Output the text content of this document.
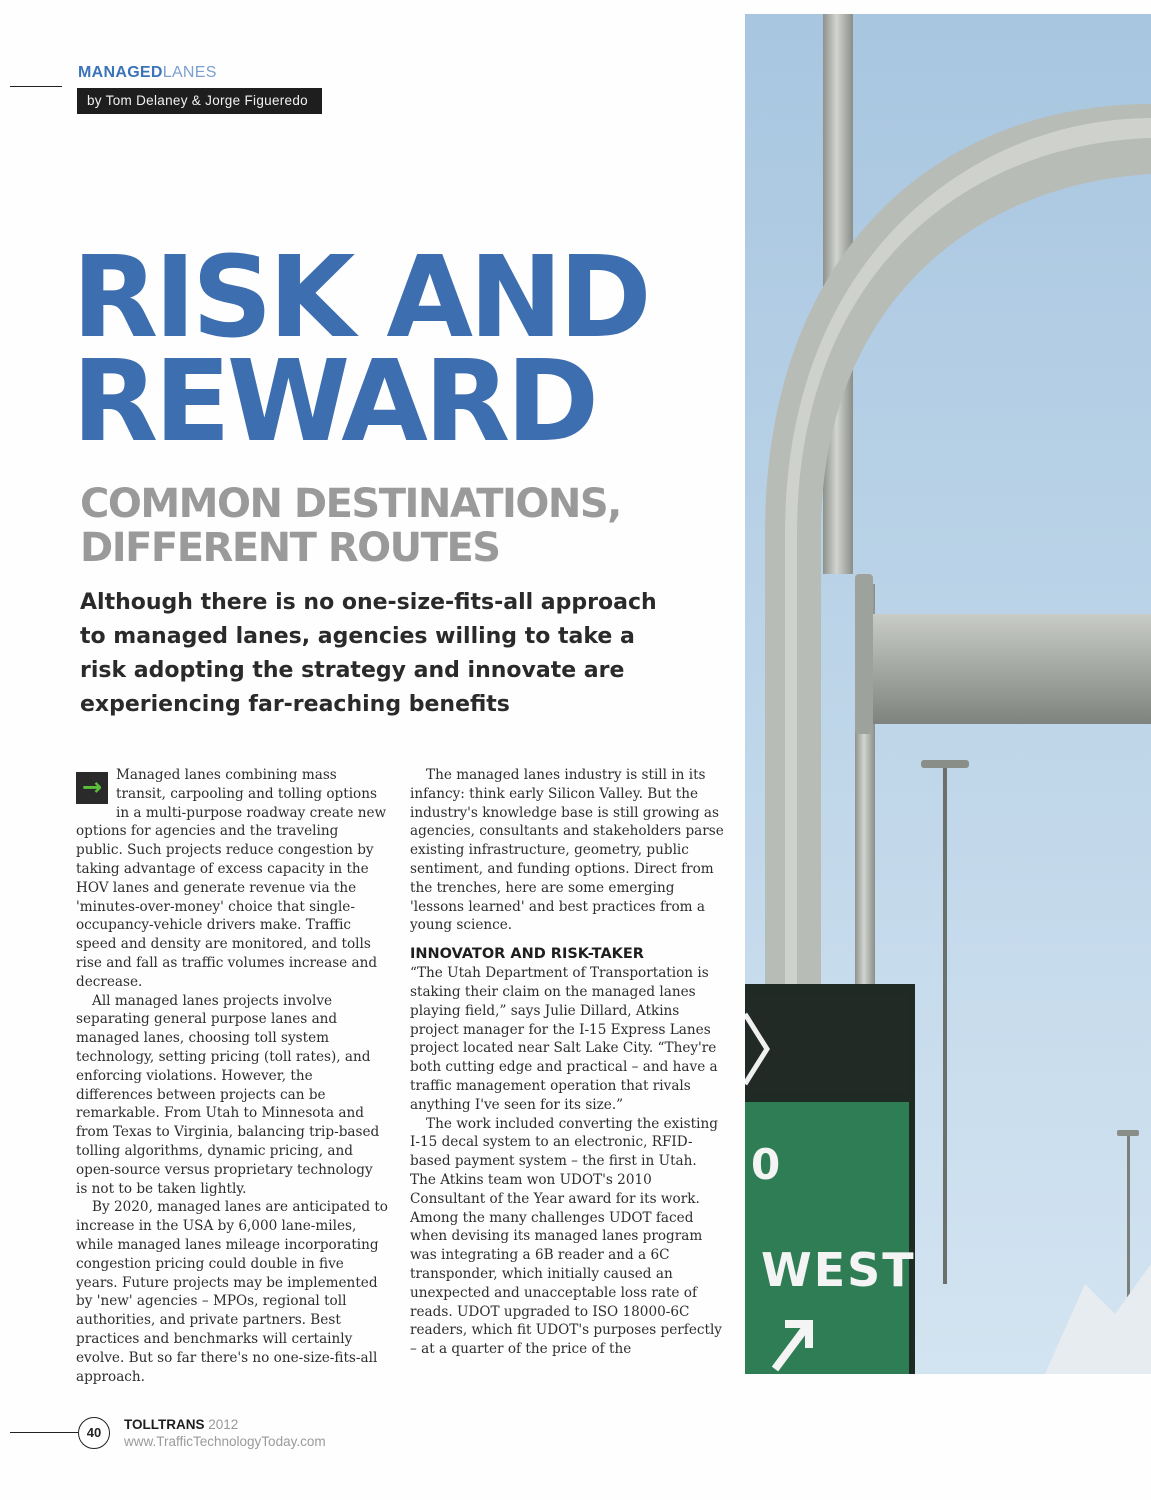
MANAGEDLANES
by Tom Delaney & Jorge Figueredo
RISK AND
REWARD
COMMON DESTINATIONS,
DIFFERENT ROUTES

Although there is no one-size-fits-all approach to managed lanes, agencies willing to take a risk adopting the strategy and innovate are experiencing far-reaching benefits

→	Managed lanes combining mass transit, carpooling and tolling options in a multi-purpose roadway create new options for agencies and the traveling public. Such projects reduce congestion by taking advantage of excess capacity in the HOV lanes and generate revenue via the 'minutes-over-money' choice that single-occupancy-vehicle drivers make. Traffic speed and density are monitored, and tolls rise and fall as traffic volumes increase and decrease.

All managed lanes projects involve separating general purpose lanes and managed lanes, choosing toll system technology, setting pricing (toll rates), and enforcing violations. However, the differences between projects can be remarkable. From Utah to Minnesota and from Texas to Virginia, balancing trip-based tolling algorithms, dynamic pricing, and open-source versus proprietary technology is not to be taken lightly.

By 2020, managed lanes are anticipated to increase in the USA by 6,000 lane-miles, while managed lanes mileage incorporating congestion pricing could double in five years. Future projects may be implemented by 'new' agencies – MPOs, regional toll authorities, and private partners. Best practices and benchmarks will certainly evolve. But so far there's no one-size-fits-all approach.

The managed lanes industry is still in its infancy: think early Silicon Valley. But the industry's knowledge base is still growing as agencies, consultants and stakeholders parse existing infrastructure, geometry, public sentiment, and funding options. Direct from the trenches, here are some emerging 'lessons learned' and best practices from a young science.

INNOVATOR AND RISK-TAKER

“The Utah Department of Transportation is staking their claim on the managed lanes playing field,” says Julie Dillard, Atkins project manager for the I-15 Express Lanes project located near Salt Lake City. “They're both cutting edge and practical – and have a traffic management operation that rivals anything I've seen for its size.”

The work included converting the existing I-15 decal system to an electronic, RFID-based payment system – the first in Utah. The Atkins team won UDOT's 2010 Consultant of the Year award for its work. Among the many challenges UDOT faced when devising its managed lanes program was integrating a 6B reader and a 6C transponder, which initially caused an unexpected and unacceptable loss rate of reads. UDOT upgraded to ISO 18000-6C readers, which fit UDOT's purposes perfectly – at a quarter of the price of the

0
WEST
40
TOLLTRANS 2012
www.TrafficTechnologyToday.com
